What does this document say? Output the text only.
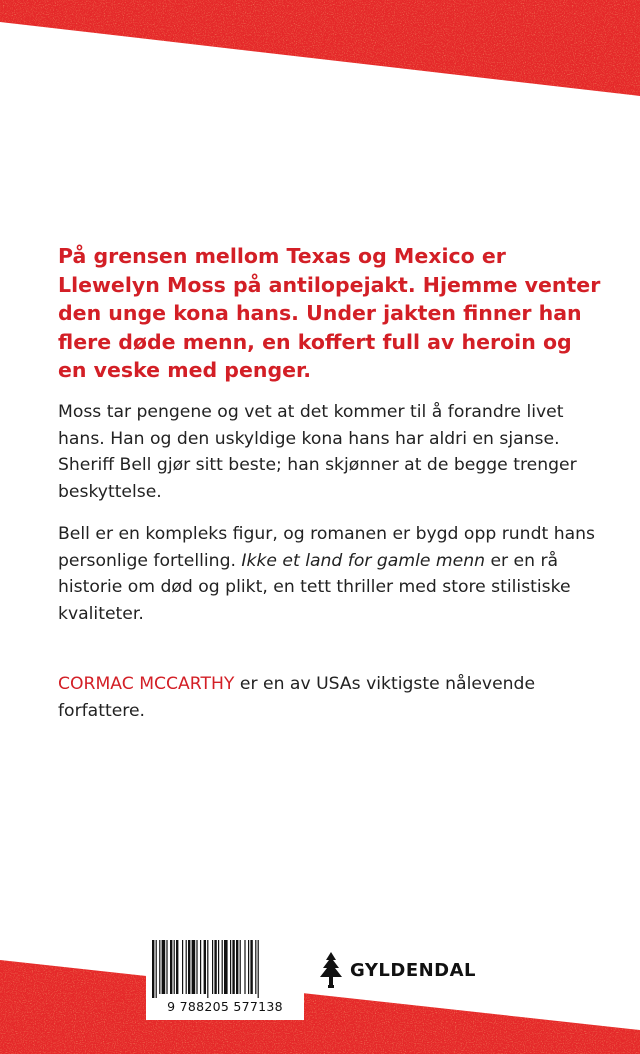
På grensen mellom Texas og Mexico er Llewelyn Moss på antilopejakt. Hjemme venter den unge kona hans. Under jakten finner han flere døde menn, en koffert full av heroin og en veske med penger.

Moss tar pengene og vet at det kommer til å forandre livet hans. Han og den uskyldige kona hans har aldri en sjanse. Sheriff Bell gjør sitt beste; han skjønner at de begge trenger beskyttelse.

Bell er en kompleks figur, og romanen er bygd opp rundt hans personlige fortelling. Ikke et land for gamle menn er en rå historie om død og plikt, en tett thriller med store stilistiske kvaliteter.

CORMAC MCCARTHY er en av USAs viktigste nålevende forfattere.

9 788205 577138
GYLDENDAL
